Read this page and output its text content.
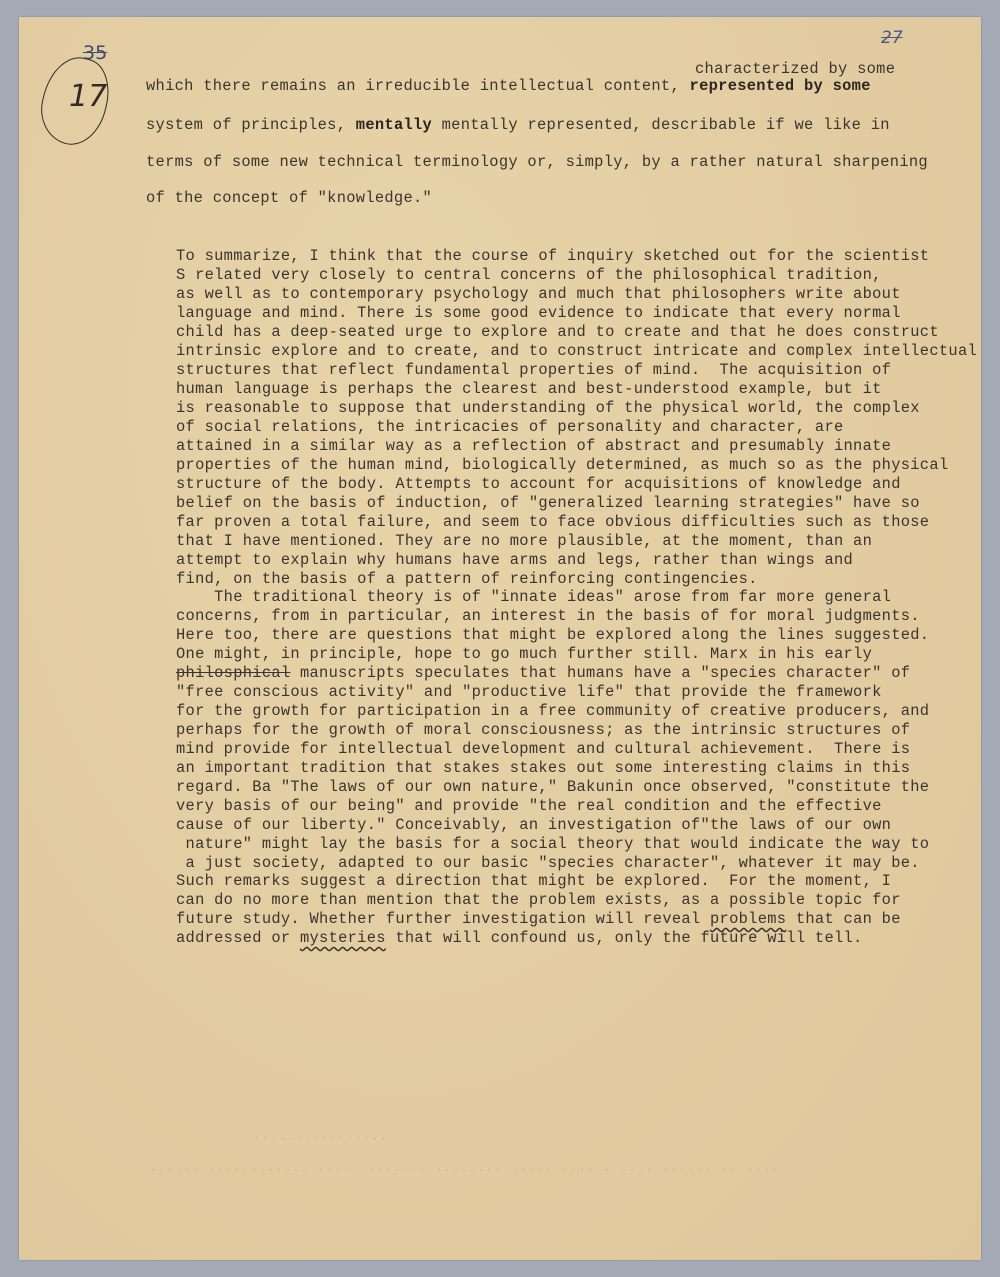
17
35
27
characterized by some
which there remains an irreducible intellectual content, represented by some
system of principles, mentally mentally represented, describable if we like in
terms of some new technical terminology or, simply, by a rather natural sharpening
of the concept of "knowledge."
To summarize, I think that the course of inquiry sketched out for the scientist
S related very closely to central concerns of the philosophical tradition,
as well as to contemporary psychology and much that philosophers write about
language and mind. There is some good evidence to indicate that every normal
child has a deep-seated urge to explore and to create and that he does construct
intrinsic explore and to create, and to construct intricate and complex intellectual
structures that reflect fundamental properties of mind.  The acquisition of
human language is perhaps the clearest and best-understood example, but it
is reasonable to suppose that understanding of the physical world, the complex
of social relations, the intricacies of personality and character, are
attained in a similar way as a reflection of abstract and presumably innate
properties of the human mind, biologically determined, as much so as the physical
structure of the body. Attempts to account for acquisitions of knowledge and
belief on the basis of induction, of "generalized learning strategies" have so
far proven a total failure, and seem to face obvious difficulties such as those
that I have mentioned. They are no more plausible, at the moment, than an
attempt to explain why humans have arms and legs, rather than wings and
find, on the basis of a pattern of reinforcing contingencies.
The traditional theory is of "innate ideas" arose from far more general
concerns, from in particular, an interest in the basis of for moral judgments.
Here too, there are questions that might be explored along the lines suggested.
One might, in principle, hope to go much further still. Marx in his early
philosphical manuscripts speculates that humans have a "species character" of
"free conscious activity" and "productive life" that provide the framework
for the growth for participation in a free community of creative producers, and
perhaps for the growth of moral consciousness; as the intrinsic structures of
mind provide for intellectual development and cultural achievement.  There is
an important tradition that stakes stakes out some interesting claims in this
regard. Ba "The laws of our own nature," Bakunin once observed, "constitute the
very basis of our being" and provide "the real condition and the effective
cause of our liberty." Conceivably, an investigation of"the laws of our own
nature" might lay the basis for a social theory that would indicate the way to
a just society, adapted to our basic "species character", whatever it may be.
Such remarks suggest a direction that might be explored.  For the moment, I
can do no more than mention that the problem exists, as a possible topic for
future study. Whether further investigation will reveal problems that can be
addressed or mysteries that will confound us, only the future will tell.
................
...... ............ ..... ....... ........ ..... .... . .... ...... .. ....
